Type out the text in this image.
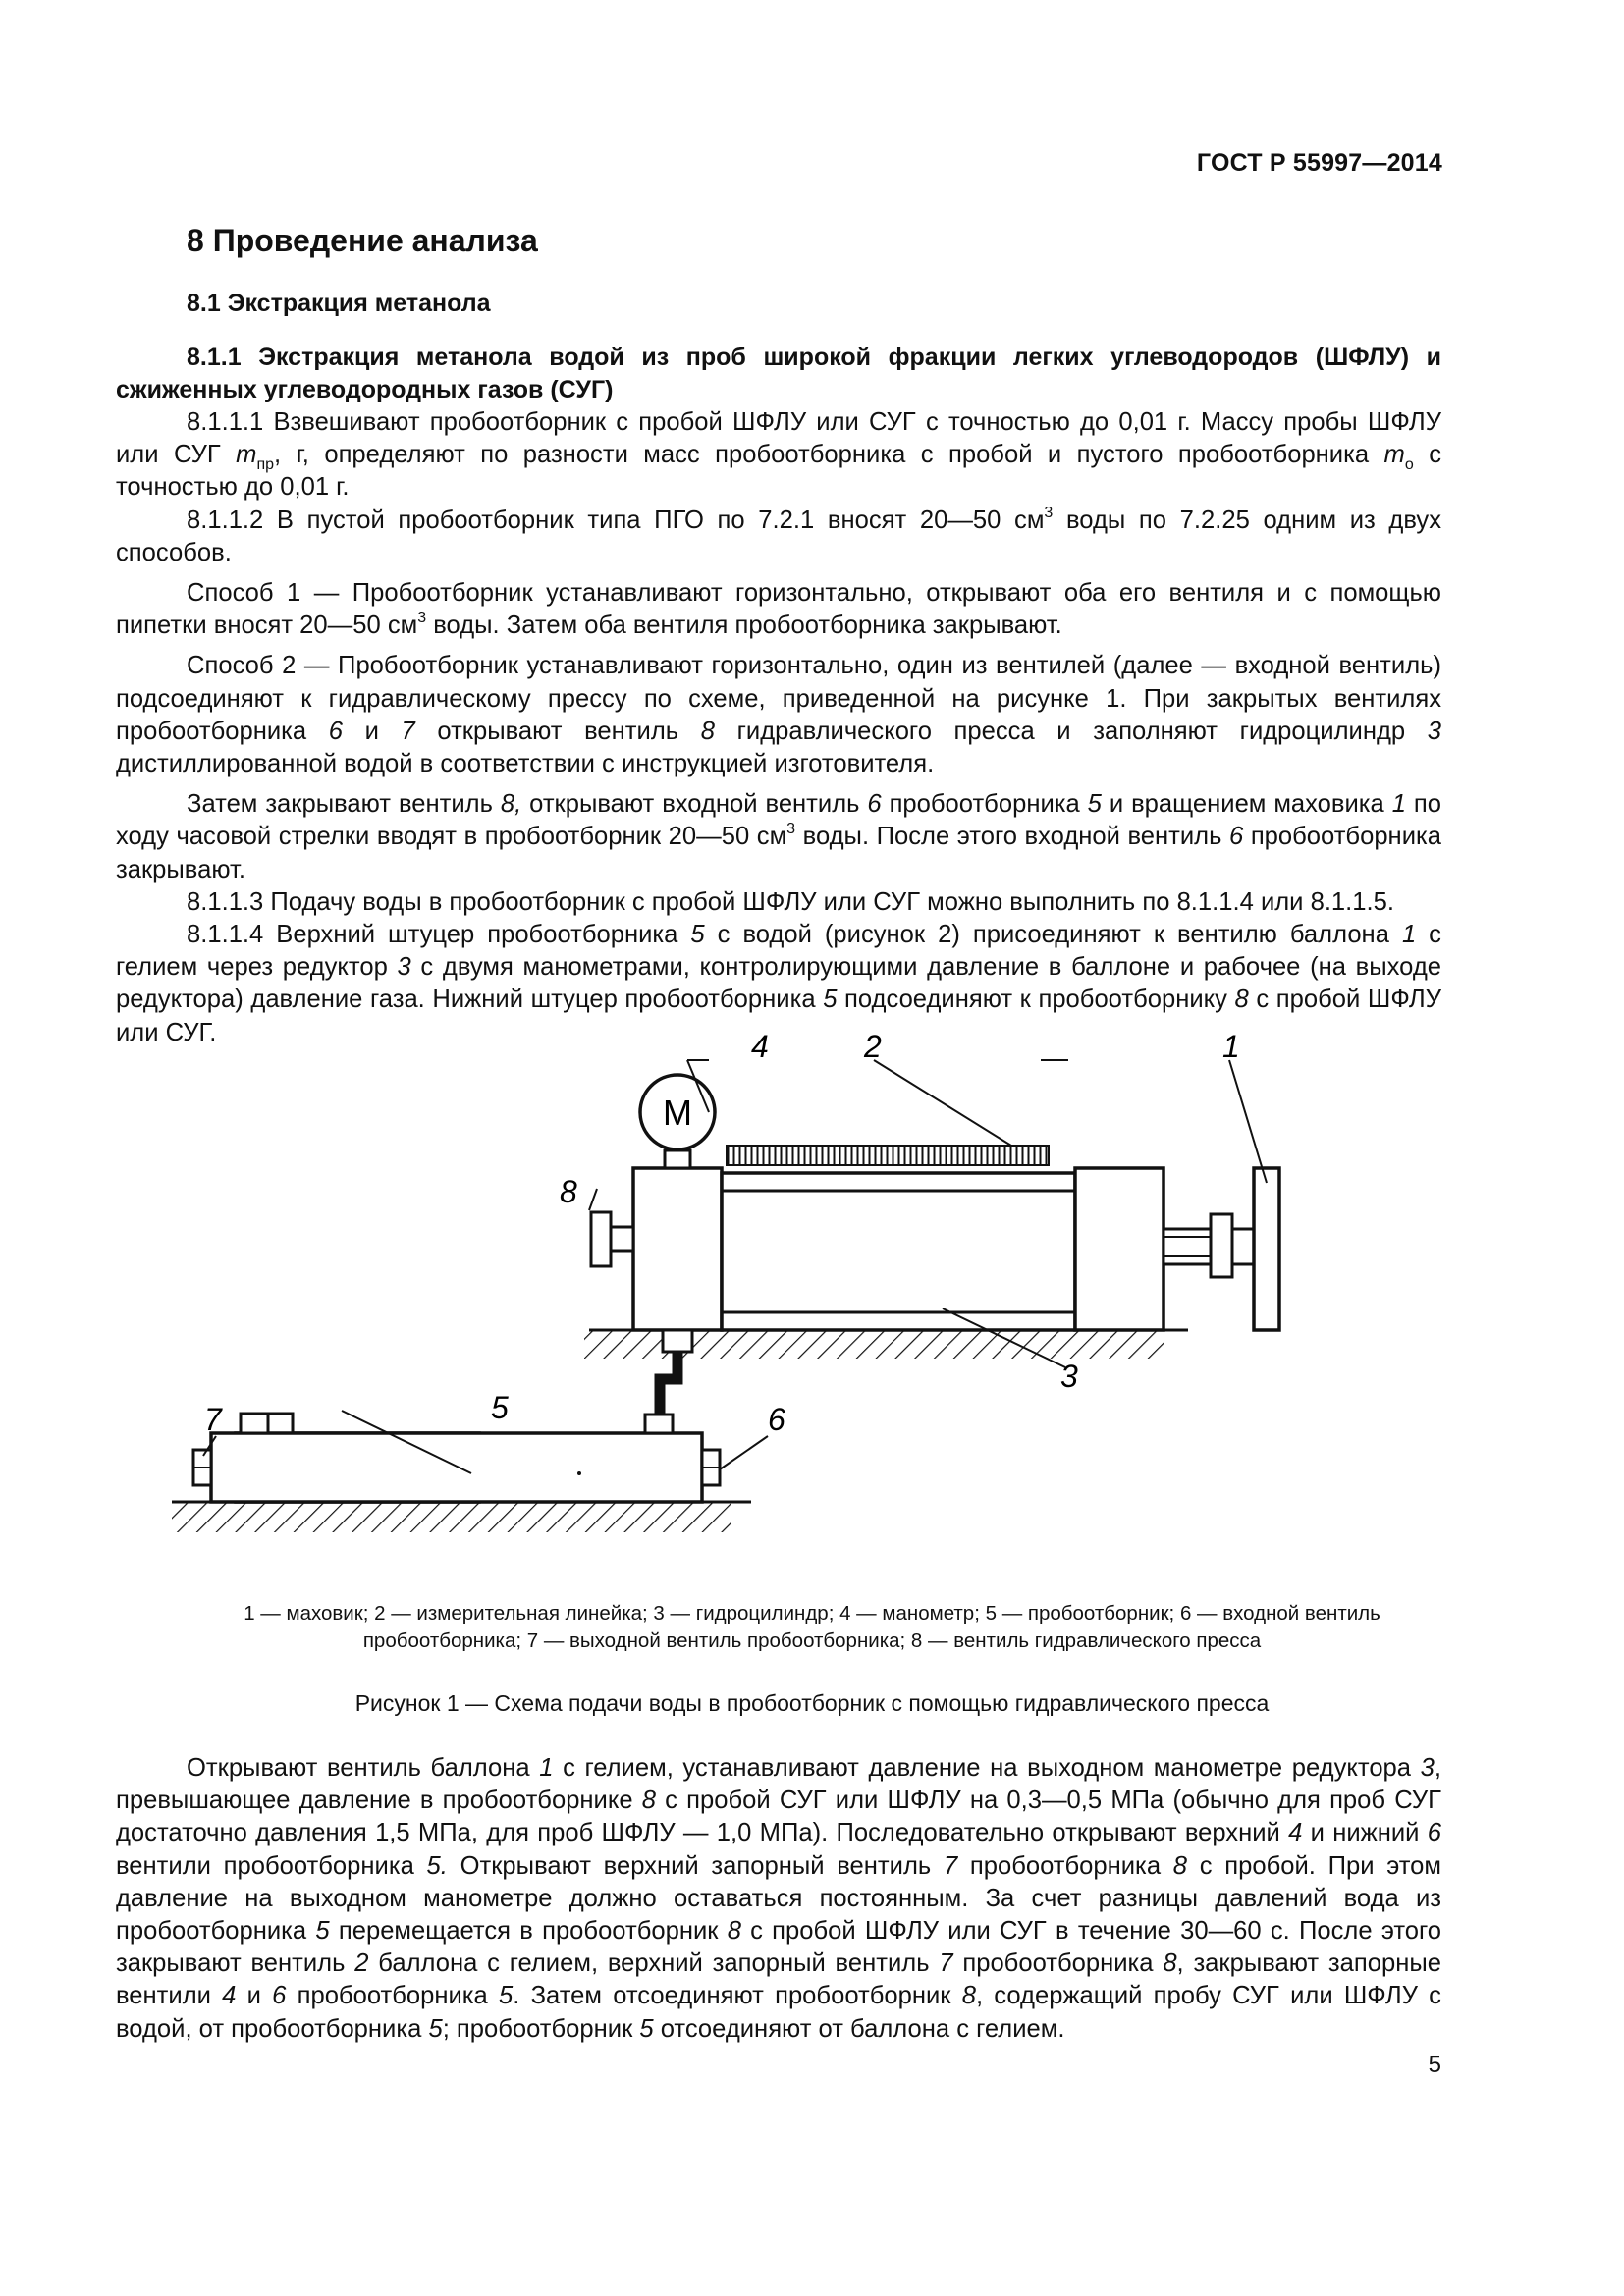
ГОСТ Р 55997—2014
8 Проведение анализа
8.1 Экстракция метанола
8.1.1 Экстракция метанола водой из проб широкой фракции легких углеводородов (ШФЛУ) и сжиженных углеводородных газов (СУГ)

8.1.1.1 Взвешивают пробоотборник с пробой ШФЛУ или СУГ с точностью до 0,01 г. Массу пробы ШФЛУ или СУГ $m_{пр}$, г, определяют по разности масс пробоотборника с пробой и пустого пробоотборника $m_о$ с точностью до 0,01 г.

8.1.1.2 В пустой пробоотборник типа ПГО по 7.2.1 вносят 20—50 $см^3$ воды по 7.2.25 одним из двух способов.

Способ 1 — Пробоотборник устанавливают горизонтально, открывают оба его вентиля и с помощью пипетки вносят 20—50 $см^3$ воды. Затем оба вентиля пробоотборника закрывают.

Способ 2 — Пробоотборник устанавливают горизонтально, один из вентилей (далее — входной вентиль) подсоединяют к гидравлическому прессу по схеме, приведенной на рисунке 1. При закрытых вентилях пробоотборника 6 и 7 открывают вентиль 8 гидравлического пресса и заполняют гидроцилиндр 3 дистиллированной водой в соответствии с инструкцией изготовителя.

Затем закрывают вентиль 8, открывают входной вентиль 6 пробоотборника 5 и вращением маховика 1 по ходу часовой стрелки вводят в пробоотборник 20—50 $см^3$ воды. После этого входной вентиль 6 пробоотборника закрывают.

8.1.1.3 Подачу воды в пробоотборник с пробой ШФЛУ или СУГ можно выполнить по 8.1.1.4 или 8.1.1.5.

8.1.1.4 Верхний штуцер пробоотборника 5 с водой (рисунок 2) присоединяют к вентилю баллона 1 с гелием через редуктор 3 с двумя манометрами, контролирующими давление в баллоне и рабочее (на выходе редуктора) давление газа. Нижний штуцер пробоотборника 5 подсоединяют к пробоотборнику 8 с пробой ШФЛУ или СУГ.

М
1
2
3
4
5	6
7
8
1 — маховик; 2 — измерительная линейка; 3 — гидроцилиндр; 4 — манометр; 5 — пробоотборник; 6 — входной вентиль
пробоотборника; 7 — выходной вентиль пробоотборника; 8 — вентиль гидравлического пресса
Рисунок 1 — Схема подачи воды в пробоотборник с помощью гидравлического пресса

Открывают вентиль баллона 1 с гелием, устанавливают давление на выходном манометре редуктора 3, превышающее давление в пробоотборнике 8 с пробой СУГ или ШФЛУ на 0,3—0,5 МПа (обычно для проб СУГ достаточно давления 1,5 МПа, для проб ШФЛУ — 1,0 МПа). Последовательно открывают верхний 4 и нижний 6 вентили пробоотборника 5. Открывают верхний запорный вентиль 7 пробоотборника 8 с пробой. При этом давление на выходном манометре должно оставаться постоянным. За счет разницы давлений вода из пробоотборника 5 перемещается в пробоотборник 8 с пробой ШФЛУ или СУГ в течение 30—60 с. После этого закрывают вентиль 2 баллона с гелием, верхний запорный вентиль 7 пробоотборника 8, закрывают запорные вентили 4 и 6 пробоотборника 5. Затем отсоединяют пробоотборник 8, содержащий пробу СУГ или ШФЛУ с водой, от пробоотборника 5; пробоотборник 5 отсоединяют от баллона с гелием.

5
